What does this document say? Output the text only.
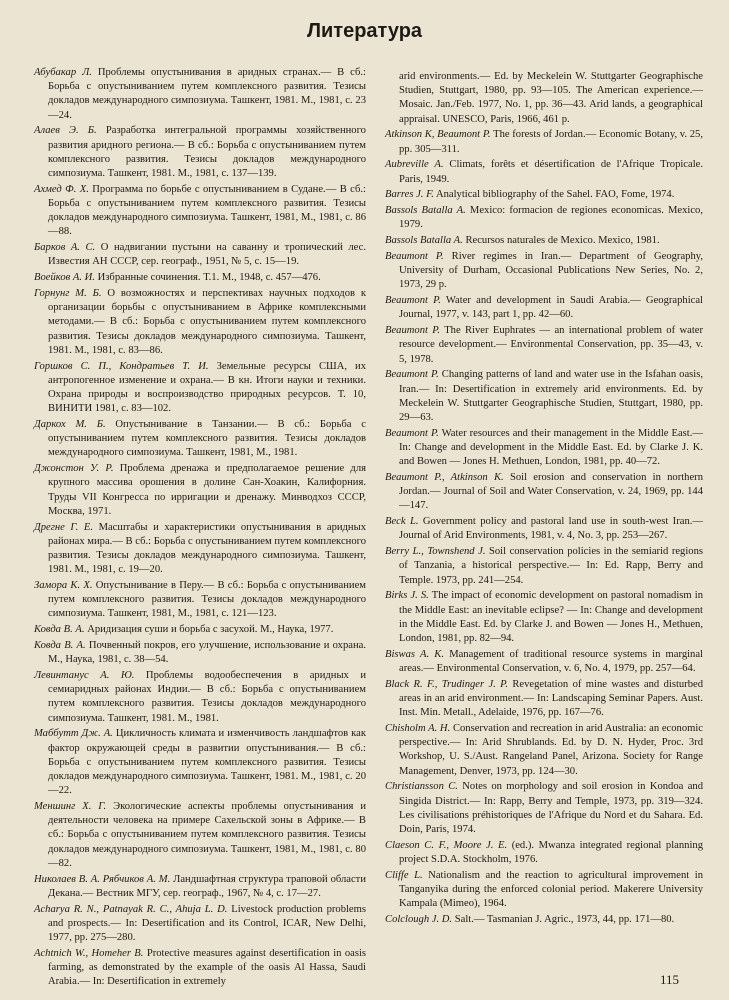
Литература

Абубакар Л. Проблемы опустынивания в аридных странах.— В сб.: Борьба с опустыниванием путем комплексного развития. Тезисы докладов международного симпозиума. Ташкент, 1981. М., 1981, с. 23—24.

Алаев Э. Б. Разработка интегральной программы хозяйственного развития аридного региона.— В сб.: Борьба с опустыниванием путем комплексного развития. Тезисы докладов международного симпозиума. Ташкент, 1981. М., 1981, с. 137—139.

Ахмед Ф. Х. Программа по борьбе с опустыниванием в Судане.— В сб.: Борьба с опустыниванием путем комплексного развития. Тезисы докладов международного симпозиума. Ташкент, 1981, М., 1981, с. 86—88.

Барков А. С. О надвигании пустыни на саванну и тропический лес. Известия АН СССР, сер. географ., 1951, № 5, с. 15—19.

Воейков А. И. Избранные сочинения. Т.1. М., 1948, с. 457—476.

Горнунг М. Б. О возможностях и перспективах научных подходов к организации борьбы с опустыниванием в Африке комплексными методами.— В сб.: Борьба с опустыниванием путем комплексного развития. Тезисы докладов международного симпозиума. Ташкент, 1981. М., 1981, с. 83—86.

Горшков С. П., Кондратьев Т. И. Земельные ресурсы США, их антропогенное изменение и охрана.— В кн. Итоги науки и техники. Охрана природы и воспроизводство природных ресурсов. Т. 10, ВИНИТИ 1981, с. 83—102.

Даркох М. Б. Опустынивание в Танзании.— В сб.: Борьба с опустыниванием путем комплексного развития. Тезисы докладов международного симпозиума. Ташкент, 1981, М., 1981.

Джонстон У. Р. Проблема дренажа и предполагаемое решение для крупного массива орошения в долине Сан-Хоакин, Калифорния. Труды VII Конгресса по ирригации и дренажу. Минводхоз СССР, Москва, 1971.

Дрегне Г. Е. Масштабы и характеристики опустынивания в аридных районах мира.— В сб.: Борьба с опустыниванием путем комплексного развития. Тезисы докладов международного симпозиума. Ташкент, 1981. М., 1981, с. 19—20.

Замора К. Х. Опустынивание в Перу.— В сб.: Борьба с опустыниванием путем комплексного развития. Тезисы докладов международного симпозиума. Ташкент, 1981, М., 1981, с. 121—123.

Ковда В. А. Аридизация суши и борьба с засухой. М., Наука, 1977.

Ковда В. А. Почвенный покров, его улучшение, использование и охрана. М., Наука, 1981, с. 38—54.

Левинтанус А. Ю. Проблемы водообеспечения в аридных и семиаридных районах Индии.— В сб.: Борьба с опустыниванием путем комплексного развития. Тезисы докладов международного симпозиума. Ташкент, 1981. М., 1981.

Маббутт Дж. А. Цикличность климата и изменчивость ландшафтов как фактор окружающей среды в развитии опустынивания.— В сб.: Борьба с опустыниванием путем комплексного развития. Тезисы докладов международного симпозиума. Ташкент, 1981. М., 1981, с. 20—22.

Меншинг Х. Г. Экологические аспекты проблемы опустынивания и деятельности человека на примере Сахельской зоны в Африке.— В сб.: Борьба с опустыниванием путем комплексного развития. Тезисы докладов международного симпозиума. Ташкент, 1981, М., 1981, с. 80—82.

Николаев В. А. Рябчиков А. М. Ландшафтная структура траповой области Декана.— Вестник МГУ, сер. географ., 1967, № 4, с. 17—27.

Acharya R. N., Patnayak R. C., Ahuja L. D. Livestock production problems and prospects.— In: Desertification and its Control, ICAR, New Delhi, 1977, pp. 275—280.

Achtnich W., Homeher B. Protective measures against desertification in oasis farming, as demonstrated by the example of the oasis Al Hassa, Saudi Arabia.— In: Desertification in extremely

arid environments.— Ed. by Meckelein W. Stuttgarter Geographische Studien, Stuttgart, 1980, pp. 93—105. The American experience.— Mosaic. Jan./Feb. 1977, No. 1, pp. 36—43. Arid lands, a geographical appraisal. UNESCO, Paris, 1966, 461 p.

Atkinson K, Beaumont P. The forests of Jordan.— Economic Botany, v. 25, pp. 305—311.

Aubreville A. Climats, forêts et désertification de l'Afrique Tropicale. Paris, 1949.

Barres J. F. Analytical bibliography of the Sahel. FAO, Fome, 1974.

Bassols Batalla A. Mexico: formacion de regiones economicas. Mexico, 1979.

Bassols Batalla A. Recursos naturales de Mexico. Mexico, 1981.

Beaumont P. River regimes in Iran.— Department of Geography, University of Durham, Occasional Publications New Series, No. 2, 1973, 29 p.

Beaumont P. Water and development in Saudi Arabia.— Geographical Journal, 1977, v. 143, part 1, pp. 42—60.

Beaumont P. The River Euphrates — an international problem of water resource development.— Environmental Conservation, pp. 35—43, v. 5, 1978.

Beaumont P. Changing patterns of land and water use in the Isfahan oasis, Iran.— In: Desertification in extremely arid environments. Ed. by Meckelein W. Stuttgarter Geographische Studien, Stuttgart, 1980, pp. 29—63.

Beaumont P. Water resources and their management in the Middle East.— In: Change and development in the Middle East. Ed. by Clarke J. K. and Bowen — Jones H. Methuen, London, 1981, pp. 40—72.

Beaumont P., Atkinson K. Soil erosion and conservation in northern Jordan.— Journal of Soil and Water Conservation, v. 24, 1969, pp. 144—147.

Beck L. Government policy and pastoral land use in south-west Iran.— Journal of Arid Environments, 1981, v. 4, No. 3, pp. 253—267.

Berry L., Townshend J. Soil conservation policies in the semiarid regions of Tanzania, a historical perspective.— In: Ed. Rapp, Berry and Temple. 1973, pp. 241—254.

Birks J. S. The impact of economic development on pastoral nomadism in the Middle East: an inevitable eclipse? — In: Change and development in the Middle East. Ed. by Clarke J. and Bowen — Jones H., Methuen, London, 1981, pp. 82—94.

Biswas A. K. Management of traditional resource systems in marginal areas.— Environmental Conservation, v. 6, No. 4, 1979, pp. 257—64.

Black R. F., Trudinger J. P. Revegetation of mine wastes and disturbed areas in an arid environment.— In: Landscaping Seminar Papers. Aust. Inst. Min. Metall., Adelaide, 1976, pp. 167—76.

Chisholm A. H. Conservation and recreation in arid Australia: an economic perspective.— In: Arid Shrublands. Ed. by D. N. Hyder, Proc. 3rd Workshop, U. S./Aust. Rangeland Panel, Arizona. Society for Range Management, Denver, 1973, pp. 124—30.

Christiansson C. Notes on morphology and soil erosion in Kondoa and Singida District.— In: Rapp, Berry and Temple, 1973, pp. 319—324. Les civilisations préhistoriques de l'Afrique du Nord et du Sahara. Ed. Doin, Paris, 1974.

Claeson C. F., Moore J. E. (ed.). Mwanza integrated regional planning project S.D.A. Stockholm, 1976.

Cliffe L. Nationalism and the reaction to agricultural improvement in Tanganyika during the enforced colonial period. Makerere University Kampala (Mimeo), 1964.

Colclough J. D. Salt.— Tasmanian J. Agric., 1973, 44, pp. 171—80.

115
